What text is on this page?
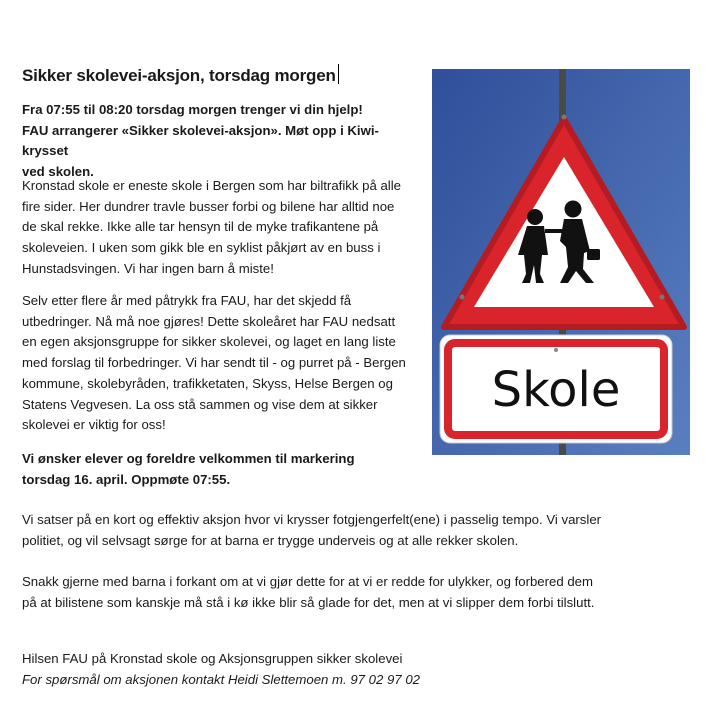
Sikker skolevei-aksjon, torsdag morgen

Fra 07:55 til 08:20 torsdag morgen trenger vi din hjelp!

FAU arrangerer «Sikker skolevei-aksjon». Møt opp i Kiwi-krysset

ved skolen.

Kronstad skole er eneste skole i Bergen som har biltrafikk på alle

fire sider. Her dundrer travle busser forbi og bilene har alltid noe

de skal rekke. Ikke alle tar hensyn til de myke trafikantene på

skoleveien. I uken som gikk ble en syklist påkjørt av en buss i

Hunstadsvingen. Vi har ingen barn å miste!

Selv etter flere år med påtrykk fra FAU, har det skjedd få

utbedringer. Nå må noe gjøres! Dette skoleåret har FAU nedsatt

en egen aksjonsgruppe for sikker skolevei, og laget en lang liste

med forslag til forbedringer. Vi har sendt til - og purret på - Bergen

kommune, skolebyråden, trafikketaten, Skyss, Helse Bergen og

Statens Vegvesen. La oss stå sammen og vise dem at sikker

skolevei er viktig for oss!

Vi ønsker elever og foreldre velkommen til markering

torsdag 16. april. Oppmøte 07:55.

Vi satser på en kort og effektiv aksjon hvor vi krysser fotgjengerfelt(ene) i passelig tempo. Vi varsler

politiet, og vil selvsagt sørge for at barna er trygge underveis og at alle rekker skolen.

Snakk gjerne med barna i forkant om at vi gjør dette for at vi er redde for ulykker, og forbered dem

på at bilistene som kanskje må stå i kø ikke blir så glade for det, men at vi slipper dem forbi tilslutt.

Hilsen FAU på Kronstad skole og Aksjonsgruppen sikker skolevei

For spørsmål om aksjonen kontakt Heidi Slettemoen m. 97 02 97 02

Skole
